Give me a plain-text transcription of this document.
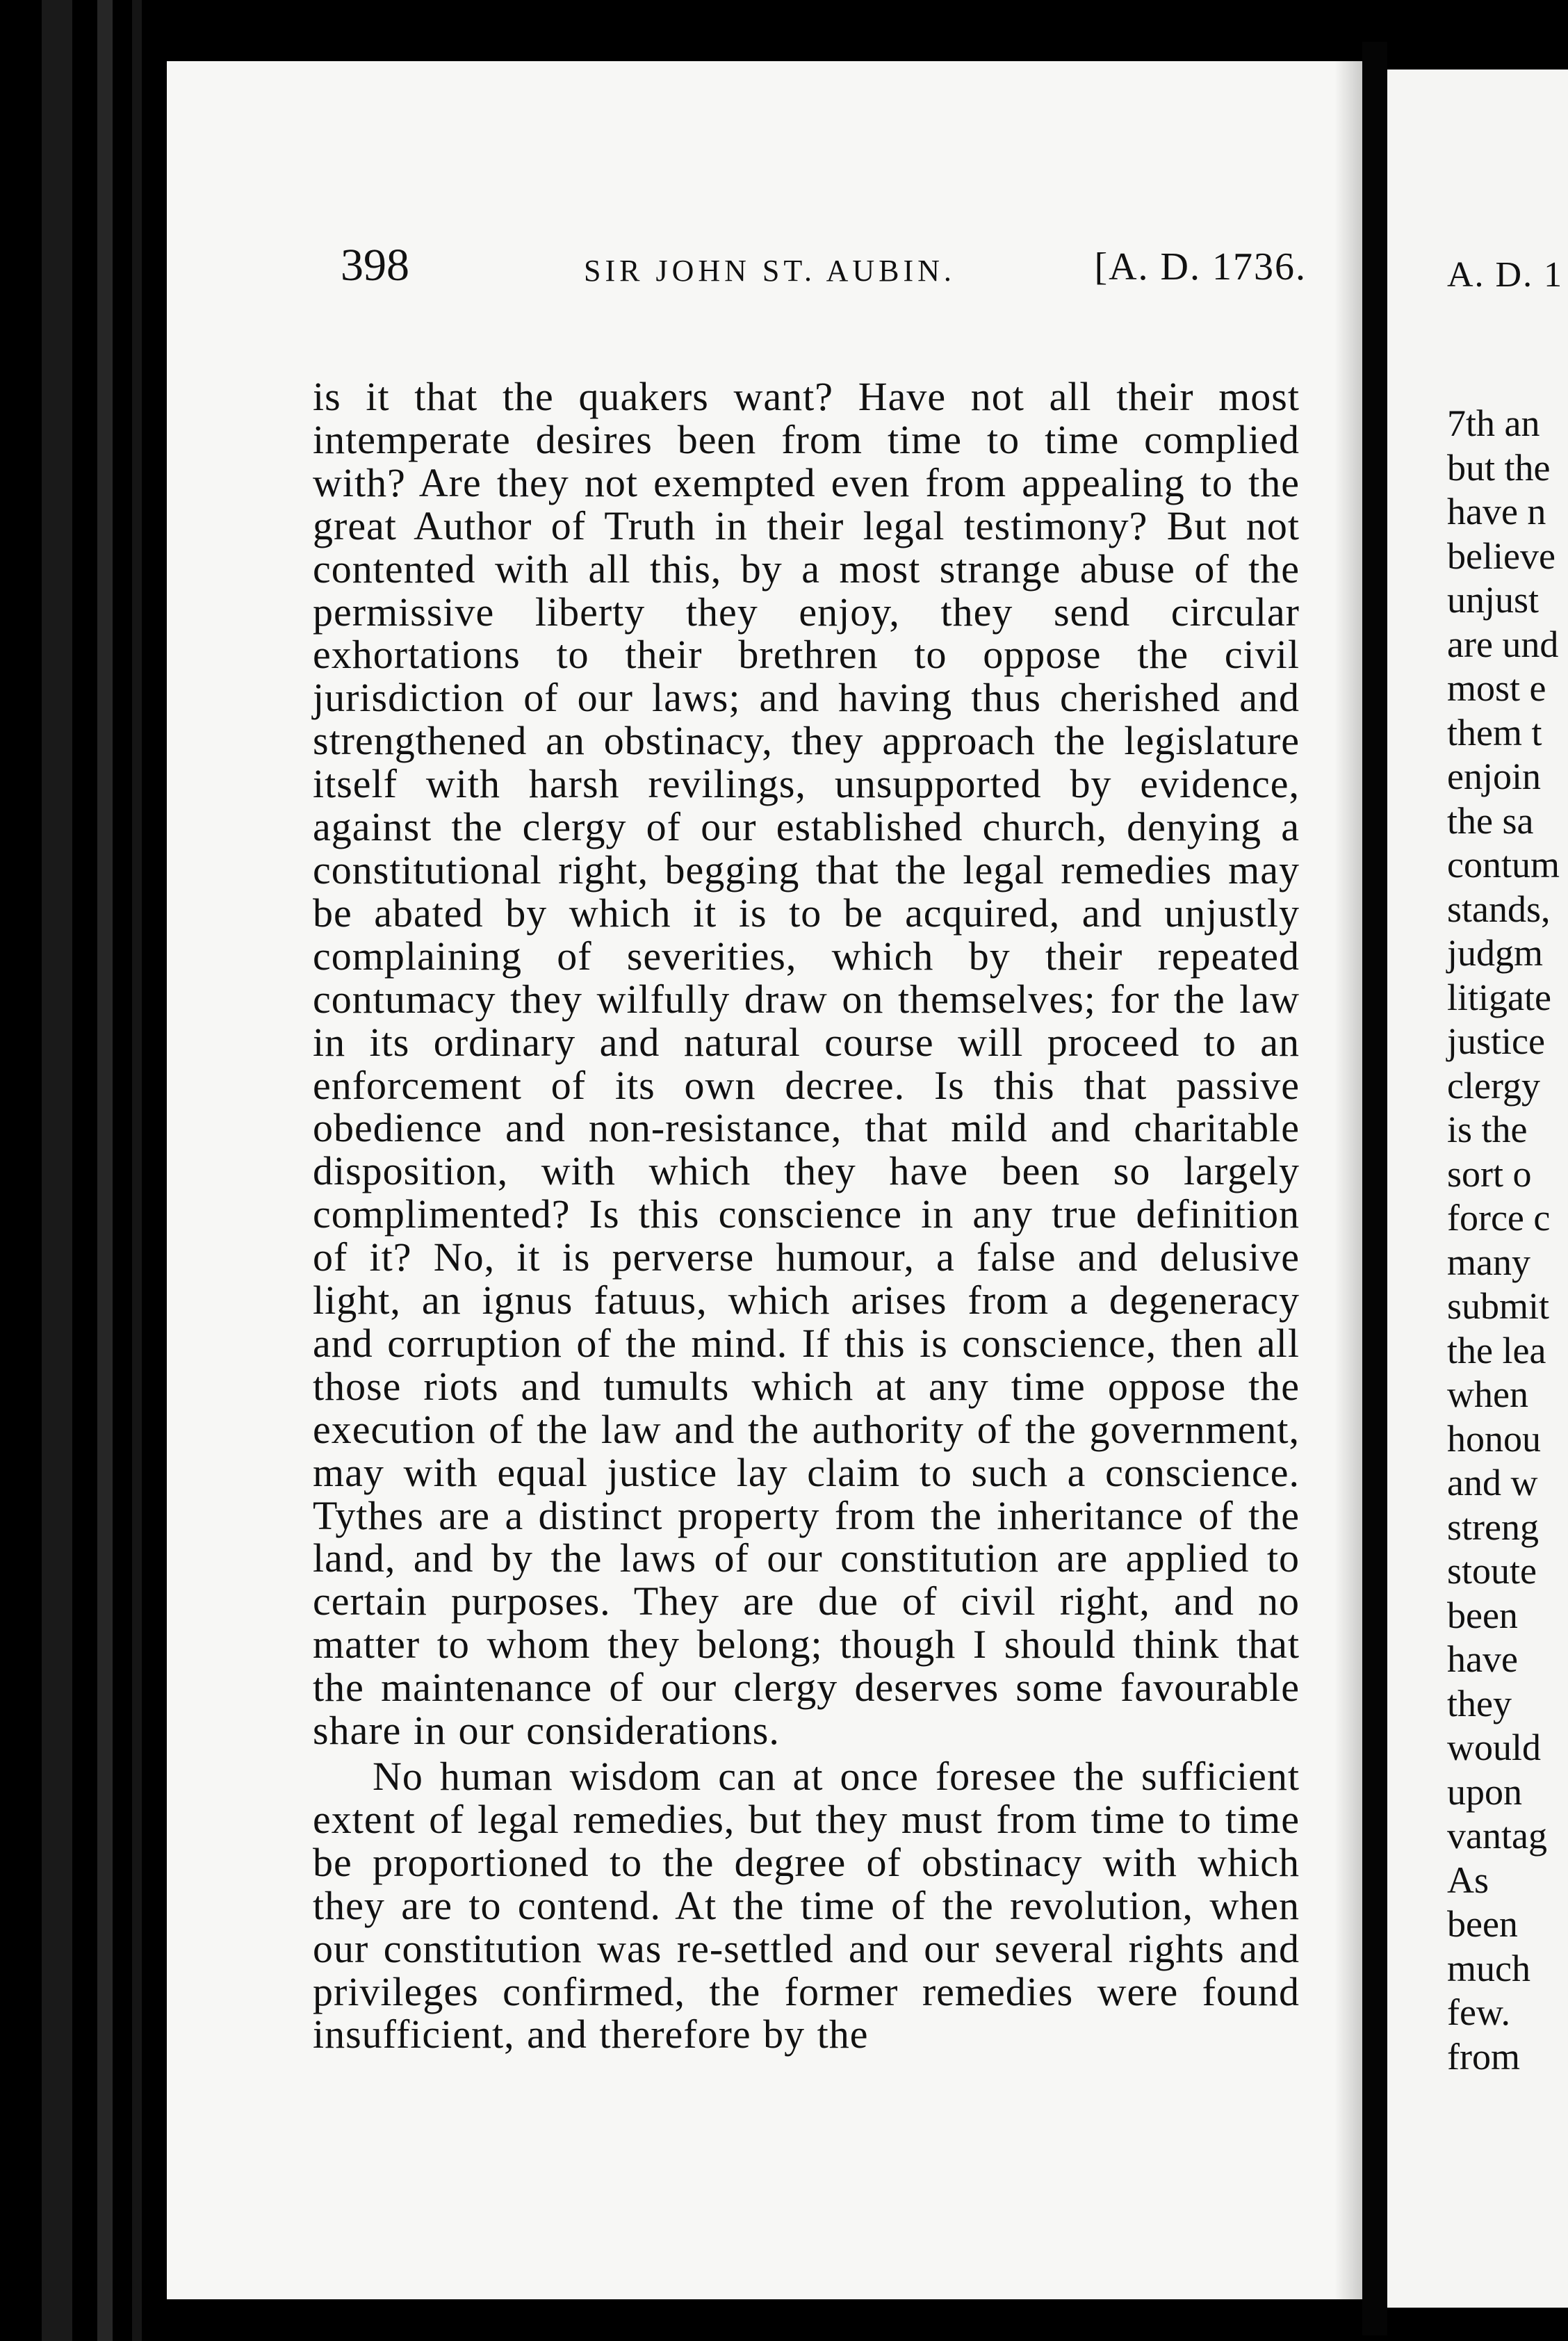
398	SIR JOHN ST. AUBIN.	[A. D. 1736.

is it that the quakers want? Have not all their most intemperate desires been from time to time complied with? Are they not exempted even from appealing to the great Author of Truth in their legal testimony? But not contented with all this, by a most strange abuse of the permissive liberty they enjoy, they send circular exhortations to their brethren to oppose the civil jurisdiction of our laws; and having thus cherished and strengthened an obstinacy, they approach the legislature itself with harsh revilings, unsupported by evidence, against the clergy of our established church, denying a constitutional right, begging that the legal remedies may be abated by which it is to be acquired, and unjustly complaining of severities, which by their repeated contumacy they wilfully draw on themselves; for the law in its ordinary and natural course will proceed to an enforcement of its own decree. Is this that passive obedience and non-resistance, that mild and charitable disposition, with which they have been so largely complimented? Is this conscience in any true definition of it? No, it is perverse humour, a false and delusive light, an ignus fatuus, which arises from a degeneracy and corruption of the mind. If this is conscience, then all those riots and tumults which at any time oppose the execution of the law and the authority of the government, may with equal justice lay claim to such a conscience. Tythes are a distinct property from the inheritance of the land, and by the laws of our constitution are applied to certain purposes. They are due of civil right, and no matter to whom they belong; though I should think that the maintenance of our clergy deserves some favourable share in our considerations.

No human wisdom can at once foresee the sufficient extent of legal remedies, but they must from time to time be proportioned to the degree of obstinacy with which they are to contend. At the time of the revolution, when our constitution was re-settled and our several rights and privileges confirmed, the former remedies were found insufficient, and therefore by the

A. D. 1
7th an
but the
have n
believe
unjust
are und
most e
them t
enjoin
the sa
contum
stands,
judgm
litigate
justice
clergy
is the
sort o
force c
many
submit
the lea
when
honou
and w
streng
stoute
been
have
they
would
upon
vantag
As
been
much
few.
from
